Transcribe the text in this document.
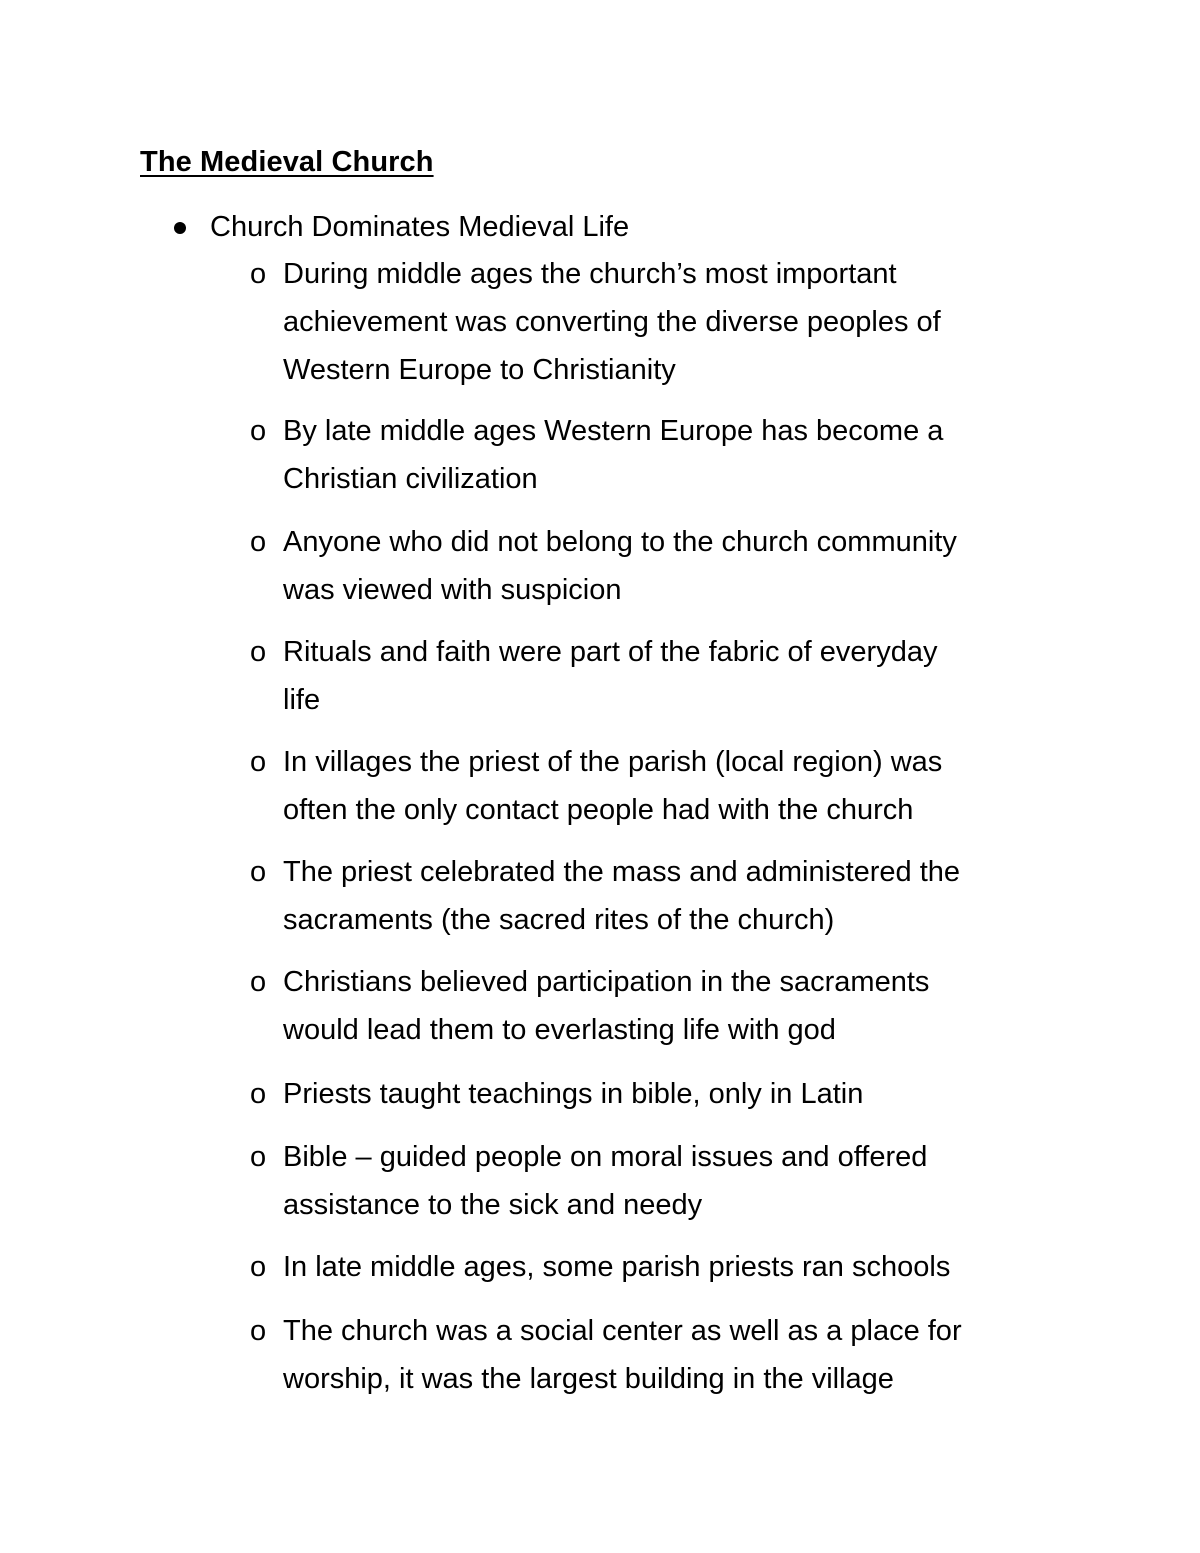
The Medieval Church
Church Dominates Medieval Life
o During middle ages the church’s most important
achievement was converting the diverse peoples of
Western Europe to Christianity
o By late middle ages Western Europe has become a
Christian civilization
o Anyone who did not belong to the church community
was viewed with suspicion
o Rituals and faith were part of the fabric of everyday
life
o In villages the priest of the parish (local region) was
often the only contact people had with the church
o The priest celebrated the mass and administered the
sacraments (the sacred rites of the church)
o Christians believed participation in the sacraments
would lead them to everlasting life with god
o Priests taught teachings in bible, only in Latin
o Bible – guided people on moral issues and offered
assistance to the sick and needy
o In late middle ages, some parish priests ran schools
o The church was a social center as well as a place for
worship, it was the largest building in the village
